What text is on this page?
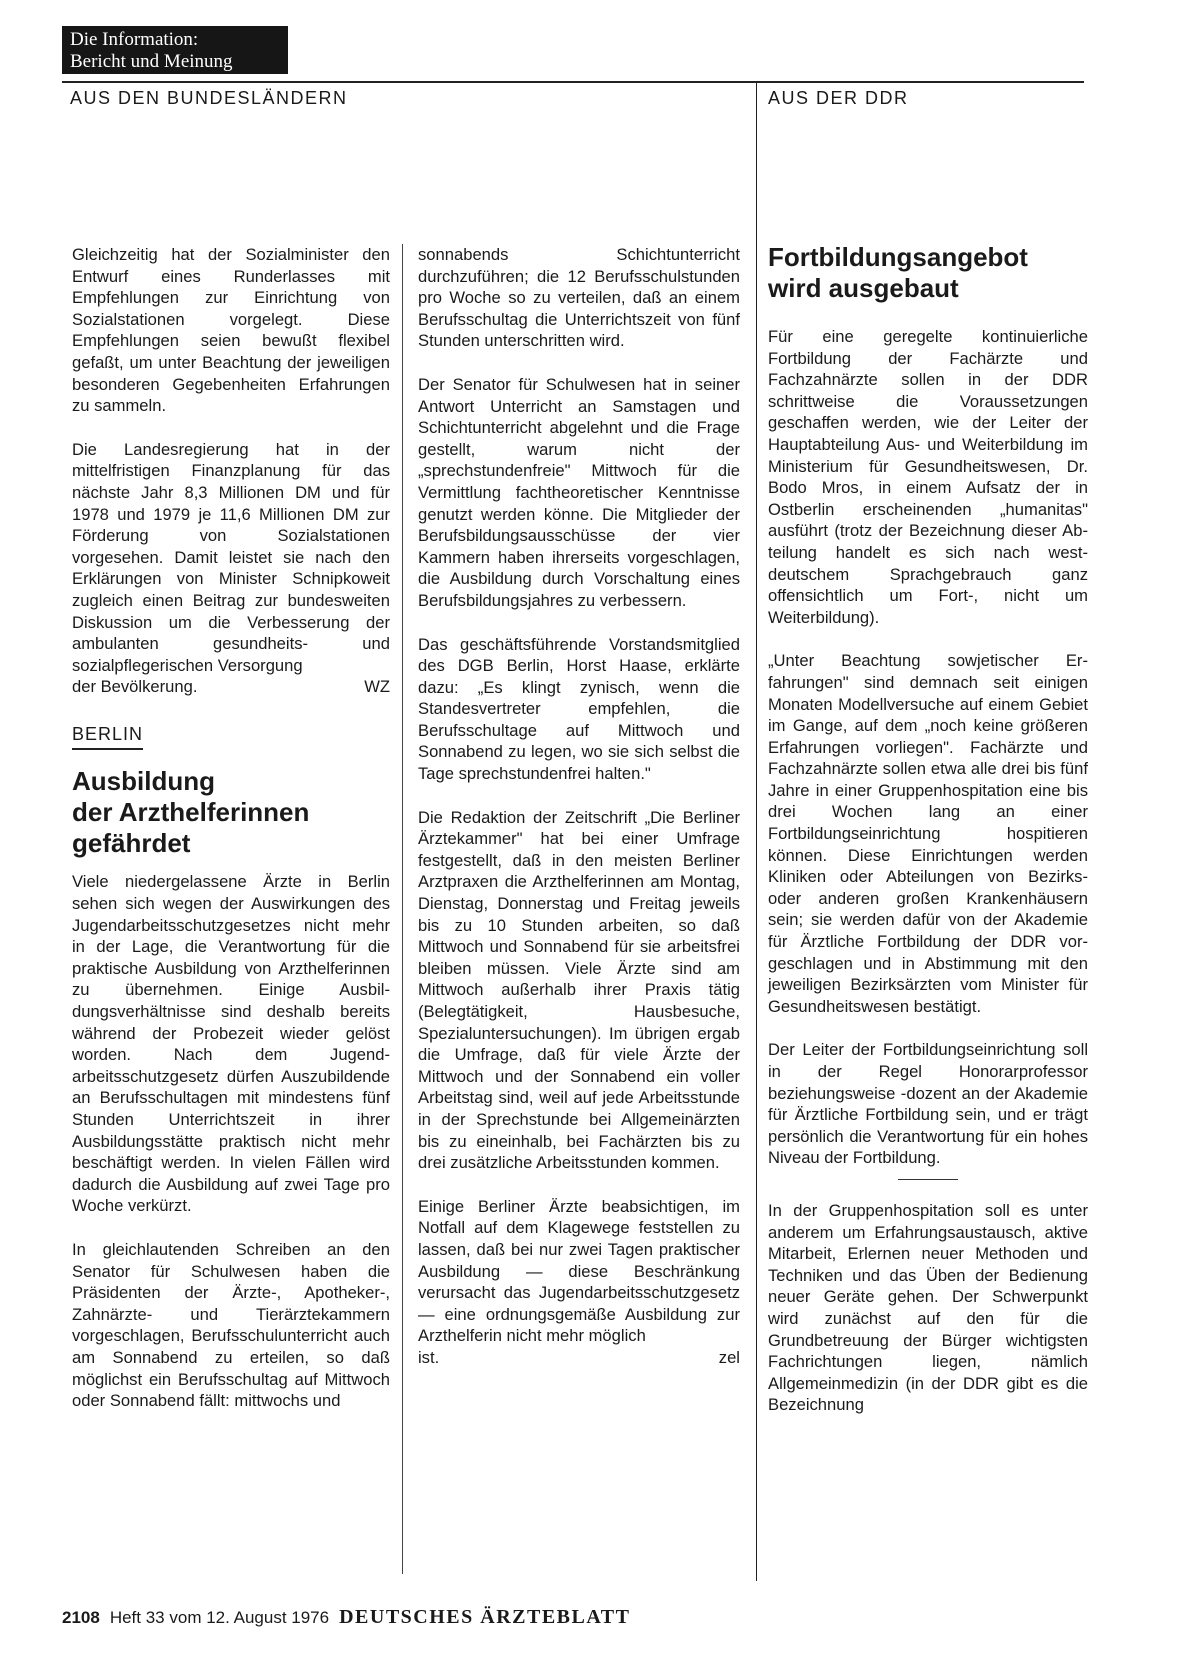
Die Information:
Bericht und Meinung
AUS DEN BUNDESLÄNDERN	AUS DER DDR

Gleichzeitig hat der Sozialminister den Entwurf eines Runderlasses mit Empfehlungen zur Einrichtung von Sozialstationen vorgelegt. Diese Empfehlungen seien bewußt flexibel gefaßt, um unter Beachtung der jeweiligen besonderen Gegebenheiten Erfahrungen zu sammeln.

Die Landesregierung hat in der mittelfristigen Finanzplanung für das nächste Jahr 8,3 Millionen DM und für 1978 und 1979 je 11,6 Millionen DM zur Förderung von Sozialstationen vorgesehen. Damit leistet sie nach den Erklärungen von Minister Schnipkoweit zugleich einen Beitrag zur bundesweiten Diskussion um die Verbesserung der ambulanten gesundheits- und sozialpflegerischen Versorgung

der Bevölkerung.	WZ
BERLIN
Ausbildung
der Arzthelferinnen
gefährdet

Viele niedergelassene Ärzte in Berlin sehen sich wegen der Auswirkungen des Jugendarbeitsschutzgesetzes nicht mehr in der Lage, die Verantwortung für die praktische Ausbildung von Arzthelferinnen zu übernehmen. Einige Ausbildungsverhältnisse sind deshalb bereits während der Probezeit wieder gelöst worden. Nach dem Jugendarbeitsschutzgesetz dürfen Auszubildende an Berufsschultagen mit mindestens fünf Stunden Unterrichtszeit in ihrer Ausbildungsstätte praktisch nicht mehr beschäftigt werden. In vielen Fällen wird dadurch die Ausbildung auf zwei Tage pro Woche verkürzt.

In gleichlautenden Schreiben an den Senator für Schulwesen haben die Präsidenten der Ärzte-, Apotheker-, Zahnärzte- und Tierärztekammern vorgeschlagen, Berufsschulunterricht auch am Sonnabend zu erteilen, so daß möglichst ein Berufsschultag auf Mittwoch oder Sonnabend fällt: mittwochs und

sonnabends Schichtunterricht durchzuführen; die 12 Berufsschulstunden pro Woche so zu verteilen, daß an einem Berufsschultag die Unterrichtszeit von fünf Stunden unterschritten wird.

Der Senator für Schulwesen hat in seiner Antwort Unterricht an Samstagen und Schichtunterricht abgelehnt und die Frage gestellt, warum nicht der „sprechstundenfreie" Mittwoch für die Vermittlung fachtheoretischer Kenntnisse genutzt werden könne. Die Mitglieder der Berufsbildungsausschüsse der vier Kammern haben ihrerseits vorgeschlagen, die Ausbildung durch Vorschaltung eines Berufsbildungsjahres zu verbessern.

Das geschäftsführende Vorstandsmitglied des DGB Berlin, Horst Haase, erklärte dazu: „Es klingt zynisch, wenn die Standesvertreter empfehlen, die Berufsschultage auf Mittwoch und Sonnabend zu legen, wo sie sich selbst die Tage sprechstundenfrei halten."

Die Redaktion der Zeitschrift „Die Berliner Ärztekammer" hat bei einer Umfrage festgestellt, daß in den meisten Berliner Arztpraxen die Arzthelferinnen am Montag, Dienstag, Donnerstag und Freitag jeweils bis zu 10 Stunden arbeiten, so daß Mittwoch und Sonnabend für sie arbeitsfrei bleiben müssen. Viele Ärzte sind am Mittwoch außerhalb ihrer Praxis tätig (Belegtätigkeit, Hausbesuche, Spezialuntersuchungen). Im übrigen ergab die Umfrage, daß für viele Ärzte der Mittwoch und der Sonnabend ein voller Arbeitstag sind, weil auf jede Arbeitsstunde in der Sprechstunde bei Allgemeinärzten bis zu eineinhalb, bei Fachärzten bis zu drei zusätzliche Arbeitsstunden kommen.

Einige Berliner Ärzte beabsichtigen, im Notfall auf dem Klagewege feststellen zu lassen, daß bei nur zwei Tagen praktischer Ausbildung — diese Beschränkung verursacht das Jugendarbeitsschutzgesetz — eine ordnungsgemäße Ausbildung zur Arzthelferin nicht mehr möglich

ist.	zel
Fortbildungsangebot
wird ausgebaut

Für eine geregelte kontinuierliche Fortbildung der Fachärzte und Fachzahnärzte sollen in der DDR schrittweise die Voraussetzungen geschaffen werden, wie der Leiter der Hauptabteilung Aus- und Weiterbildung im Ministerium für Gesundheitswesen, Dr. Bodo Mros, in einem Aufsatz der in Ostberlin erscheinenden „humanitas" ausführt (trotz der Bezeichnung dieser Abteilung handelt es sich nach westdeutschem Sprachgebrauch ganz offensichtlich um Fort-, nicht um Weiterbildung).

„Unter Beachtung sowjetischer Erfahrungen" sind demnach seit einigen Monaten Modellversuche auf einem Gebiet im Gange, auf dem „noch keine größeren Erfahrungen vorliegen". Fachärzte und Fachzahnärzte sollen etwa alle drei bis fünf Jahre in einer Gruppenhospitation eine bis drei Wochen lang an einer Fortbildungseinrichtung hospitieren können. Diese Einrichtungen werden Kliniken oder Abteilungen von Bezirks- oder anderen großen Krankenhäusern sein; sie werden dafür von der Akademie für Ärztliche Fortbildung der DDR vorgeschlagen und in Abstimmung mit den jeweiligen Bezirksärzten vom Minister für Gesundheitswesen bestätigt.

Der Leiter der Fortbildungseinrichtung soll in der Regel Honorarprofessor beziehungsweise -dozent an der Akademie für Ärztliche Fortbildung sein, und er trägt persönlich die Verantwortung für ein hohes Niveau der Fortbildung.

In der Gruppenhospitation soll es unter anderem um Erfahrungsaustausch, aktive Mitarbeit, Erlernen neuer Methoden und Techniken und das Üben der Bedienung neuer Geräte gehen. Der Schwerpunkt wird zunächst auf den für die Grundbetreuung der Bürger wichtigsten Fachrichtungen liegen, nämlich Allgemeinmedizin (in der DDR gibt es die Bezeichnung

2108 Heft 33 vom 12. August 1976 DEUTSCHES ÄRZTEBLATT
